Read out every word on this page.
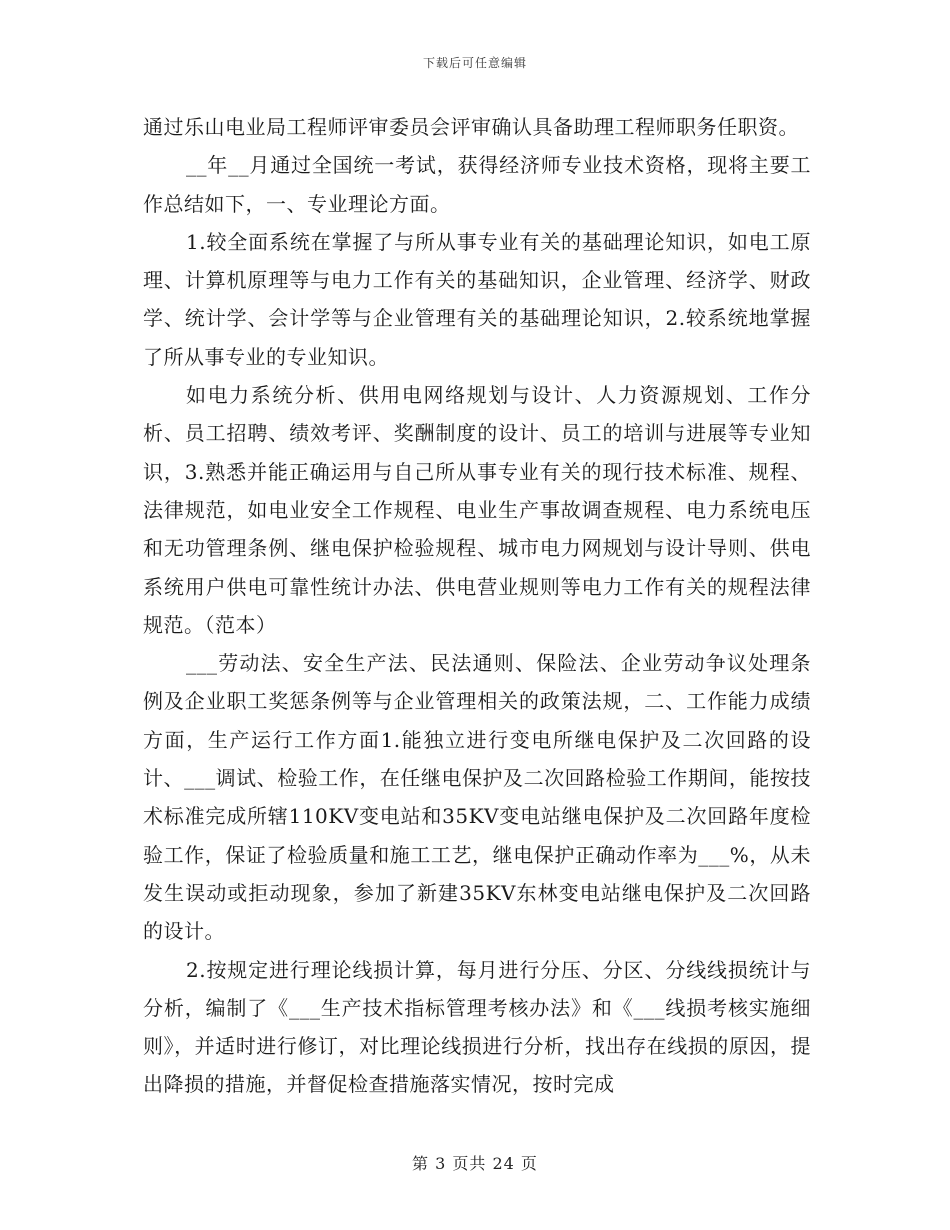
下载后可任意编辑

通过乐山电业局工程师评审委员会评审确认具备助理工程师职务任职资。

__年__月通过全国统一考试，获得经济师专业技术资格，现将主要工作总结如下，一、专业理论方面。

1.较全面系统在掌握了与所从事专业有关的基础理论知识，如电工原理、计算机原理等与电力工作有关的基础知识，企业管理、经济学、财政学、统计学、会计学等与企业管理有关的基础理论知识，2.较系统地掌握了所从事专业的专业知识。

如电力系统分析、供用电网络规划与设计、人力资源规划、工作分析、员工招聘、绩效考评、奖酬制度的设计、员工的培训与进展等专业知识，3.熟悉并能正确运用与自己所从事专业有关的现行技术标准、规程、法律规范，如电业安全工作规程、电业生产事故调查规程、电力系统电压和无功管理条例、继电保护检验规程、城市电力网规划与设计导则、供电系统用户供电可靠性统计办法、供电营业规则等电力工作有关的规程法律规范。（范本）

___劳动法、安全生产法、民法通则、保险法、企业劳动争议处理条例及企业职工奖惩条例等与企业管理相关的政策法规，二、工作能力成绩方面，生产运行工作方面1.能独立进行变电所继电保护及二次回路的设计、___调试、检验工作，在任继电保护及二次回路检验工作期间，能按技术标准完成所辖110KV变电站和35KV变电站继电保护及二次回路年度检验工作，保证了检验质量和施工工艺，继电保护正确动作率为___%，从未发生误动或拒动现象，参加了新建35KV东林变电站继电保护及二次回路的设计。

2.按规定进行理论线损计算，每月进行分压、分区、分线线损统计与分析，编制了《___生产技术指标管理考核办法》和《___线损考核实施细则》，并适时进行修订，对比理论线损进行分析，找出存在线损的原因，提出降损的措施，并督促检查措施落实情况，按时完成

第 3 页共 24 页
